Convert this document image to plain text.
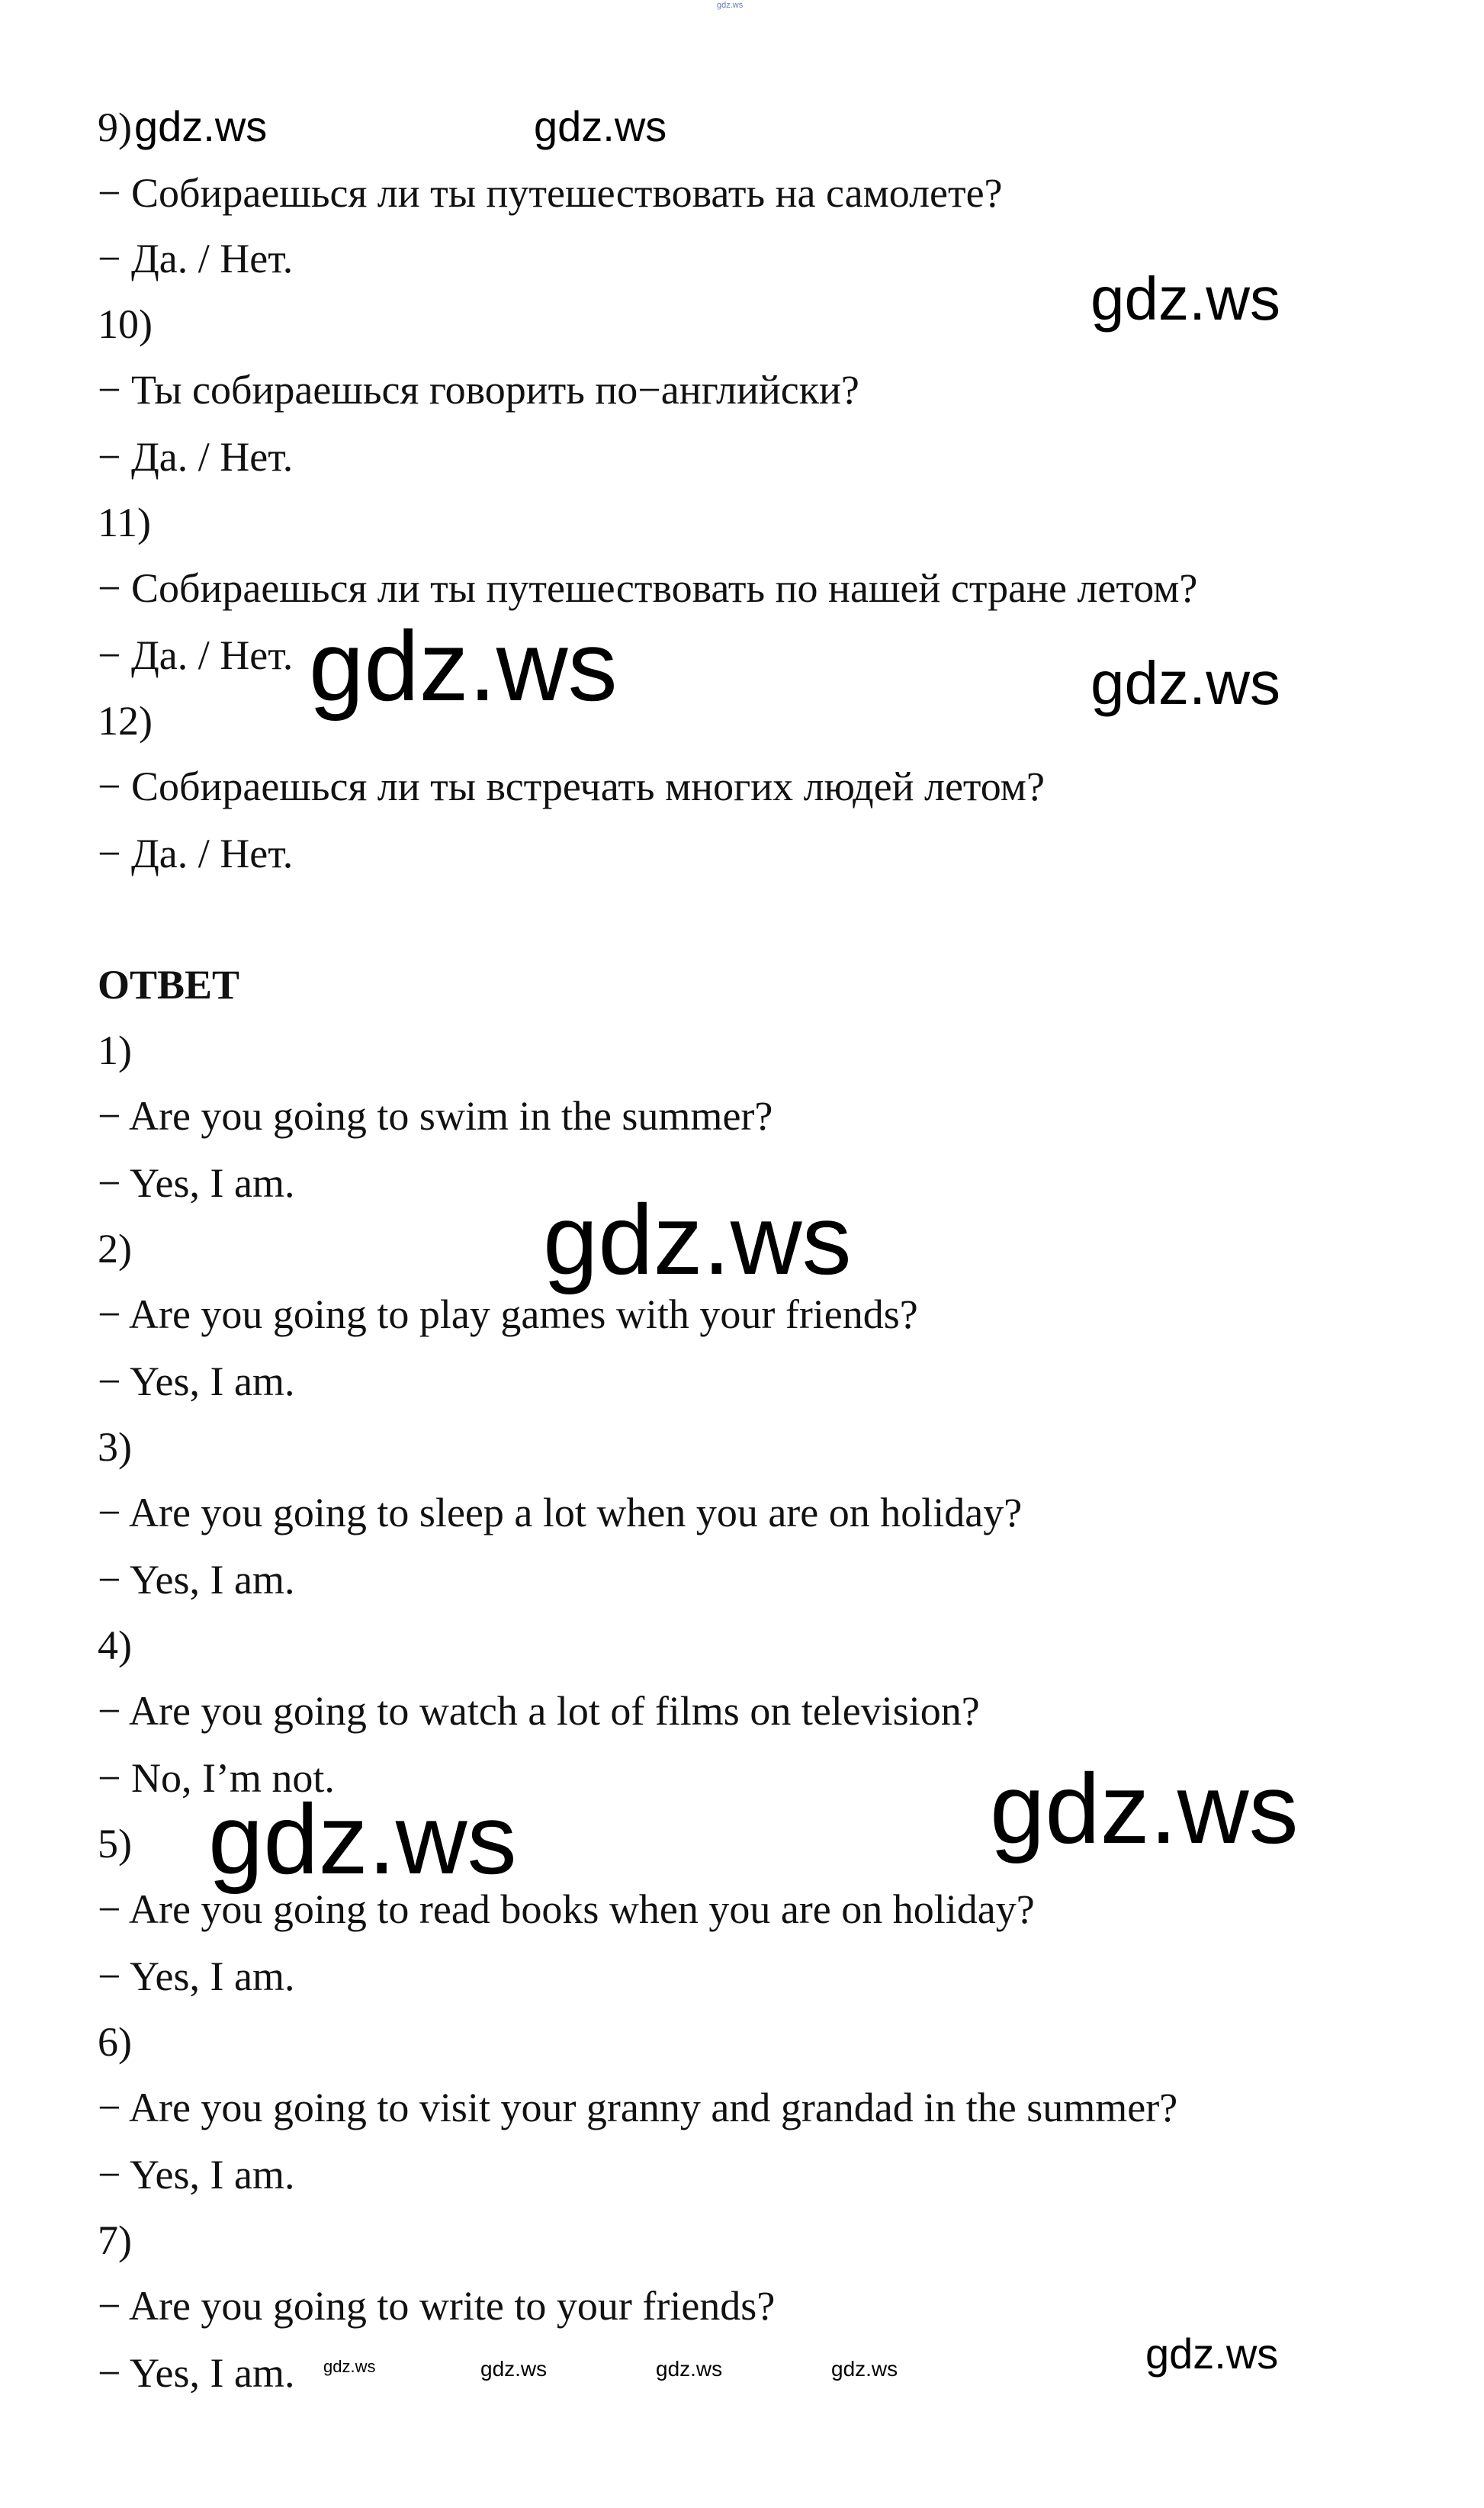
gdz.ws
9) gdz.ws	gdz.ws
− Собираешься ли ты путешествовать на самолете?
− Да. / Нет.
gdz.ws
10)
− Ты собираешься говорить по−английски?
− Да. / Нет.
11)
− Собираешься ли ты путешествовать по нашей стране летом?
− Да. / Нет. gdz.ws	gdz.ws
12)
− Собираешься ли ты встречать многих людей летом?
− Да. / Нет.
ОТВЕТ
1)
− Are you going to swim in the summer?
− Yes, I am.
gdz.ws
2)
− Are you going to play games with your friends?
− Yes, I am.
3)
− Are you going to sleep a lot when you are on holiday?
− Yes, I am.
4)
− Are you going to watch a lot of films on television?
− No, I’m not.	gdz.ws
gdz.ws
5)
− Are you going to read books when you are on holiday?
− Yes, I am.
6)
− Are you going to visit your granny and grandad in the summer?
− Yes, I am.
7)
− Are you going to write to your friends?
− Yes, I am.	gdz.ws
gdz.ws	gdz.ws	gdz.ws	gdz.ws
